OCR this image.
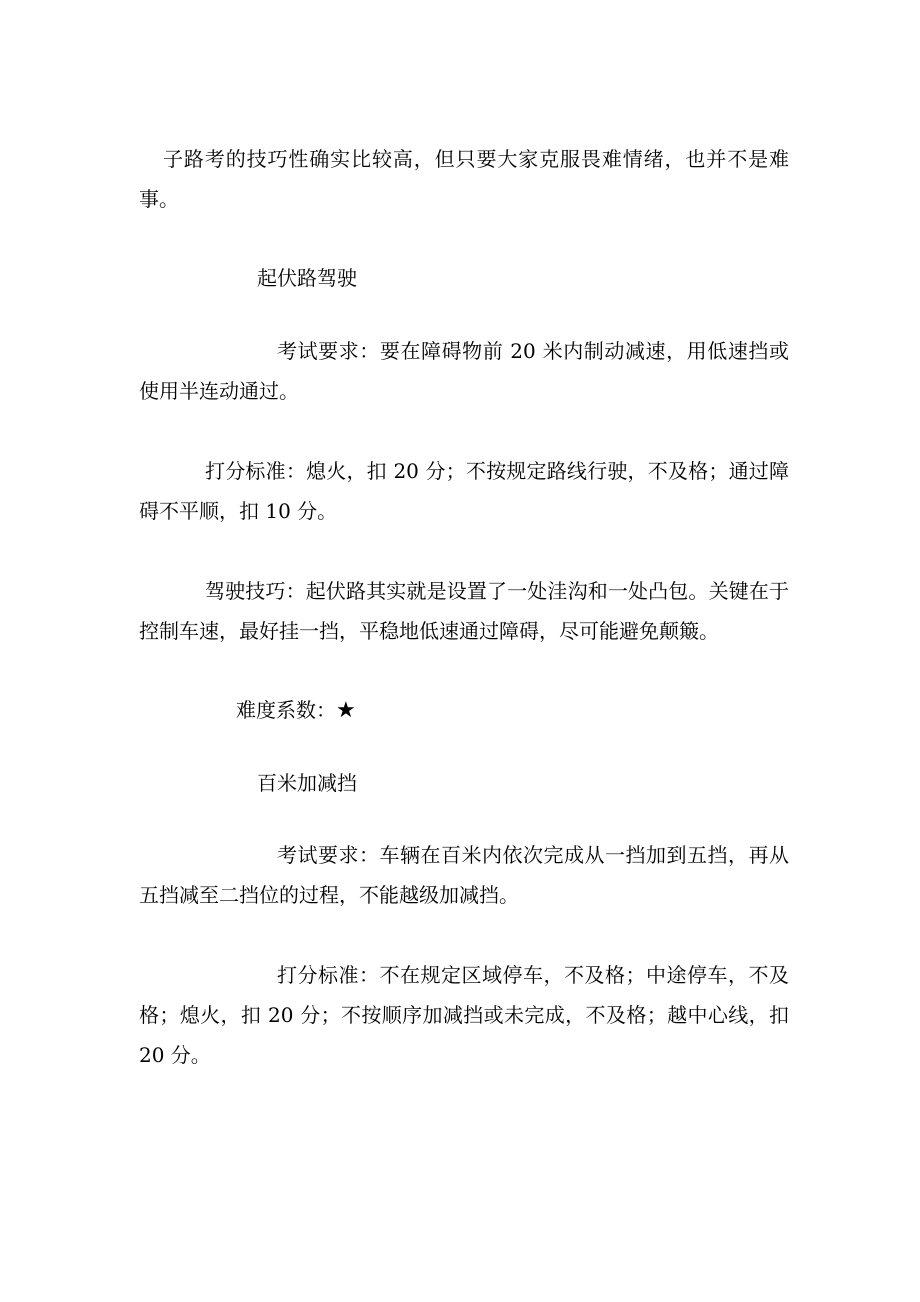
子路考的技巧性确实比较高，但只要大家克服畏难情绪，也并不是难事。

起伏路驾驶

考试要求：要在障碍物前 20 米内制动减速，用低速挡或使用半连动通过。

打分标准：熄火，扣 20 分；不按规定路线行驶，不及格；通过障碍不平顺，扣 10 分。

驾驶技巧：起伏路其实就是设置了一处洼沟和一处凸包。关键在于控制车速，最好挂一挡，平稳地低速通过障碍，尽可能避免颠簸。

难度系数：★

百米加减挡

考试要求：车辆在百米内依次完成从一挡加到五挡，再从五挡减至二挡位的过程，不能越级加减挡。

打分标准：不在规定区域停车，不及格；中途停车，不及格；熄火，扣 20 分；不按顺序加减挡或未完成，不及格；越中心线，扣 20 分。
